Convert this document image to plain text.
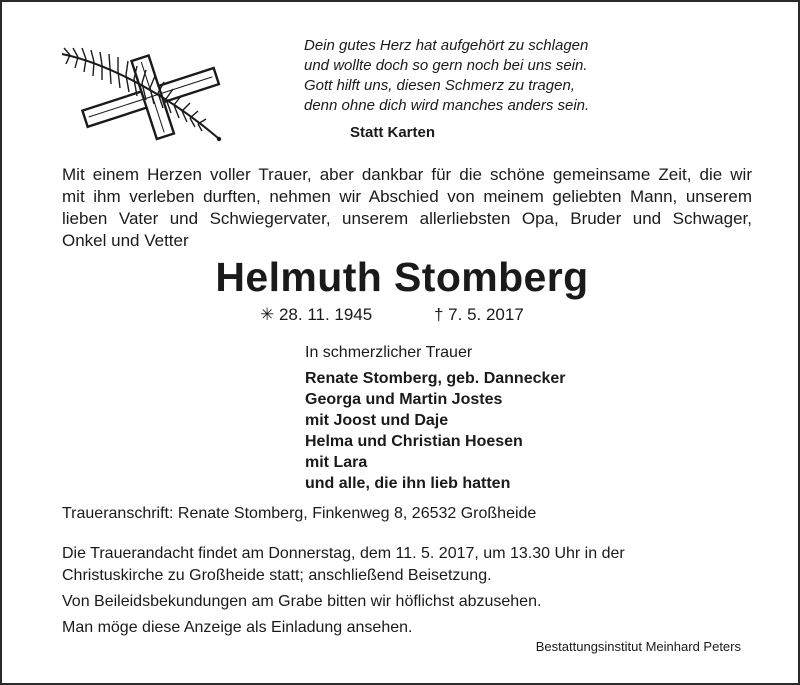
Dein gutes Herz hat aufgehört zu schlagen
und wollte doch so gern noch bei uns sein.
Gott hilft uns, diesen Schmerz zu tragen,
denn ohne dich wird manches anders sein.
Statt Karten
Mit einem Herzen voller Trauer, aber dankbar für die schöne gemeinsame Zeit, die wir
mit ihm verleben durften, nehmen wir Abschied von meinem geliebten Mann, unserem
lieben Vater und Schwiegervater, unserem allerliebsten Opa, Bruder und Schwager,
Onkel und Vetter
Helmuth Stomberg
✳ 28. 11. 1945	† 7. 5. 2017
In schmerzlicher Trauer
Renate Stomberg, geb. Dannecker
Georga und Martin Jostes
mit Joost und Daje
Helma und Christian Hoesen
mit Lara
und alle, die ihn lieb hatten
Traueranschrift: Renate Stomberg, Finkenweg 8, 26532 Großheide
Die Trauerandacht findet am Donnerstag, dem 11. 5. 2017, um 13.30 Uhr in der
Christuskirche zu Großheide statt; anschließend Beisetzung.
Von Beileidsbekundungen am Grabe bitten wir höflichst abzusehen.
Man möge diese Anzeige als Einladung ansehen.
Bestattungsinstitut Meinhard Peters
